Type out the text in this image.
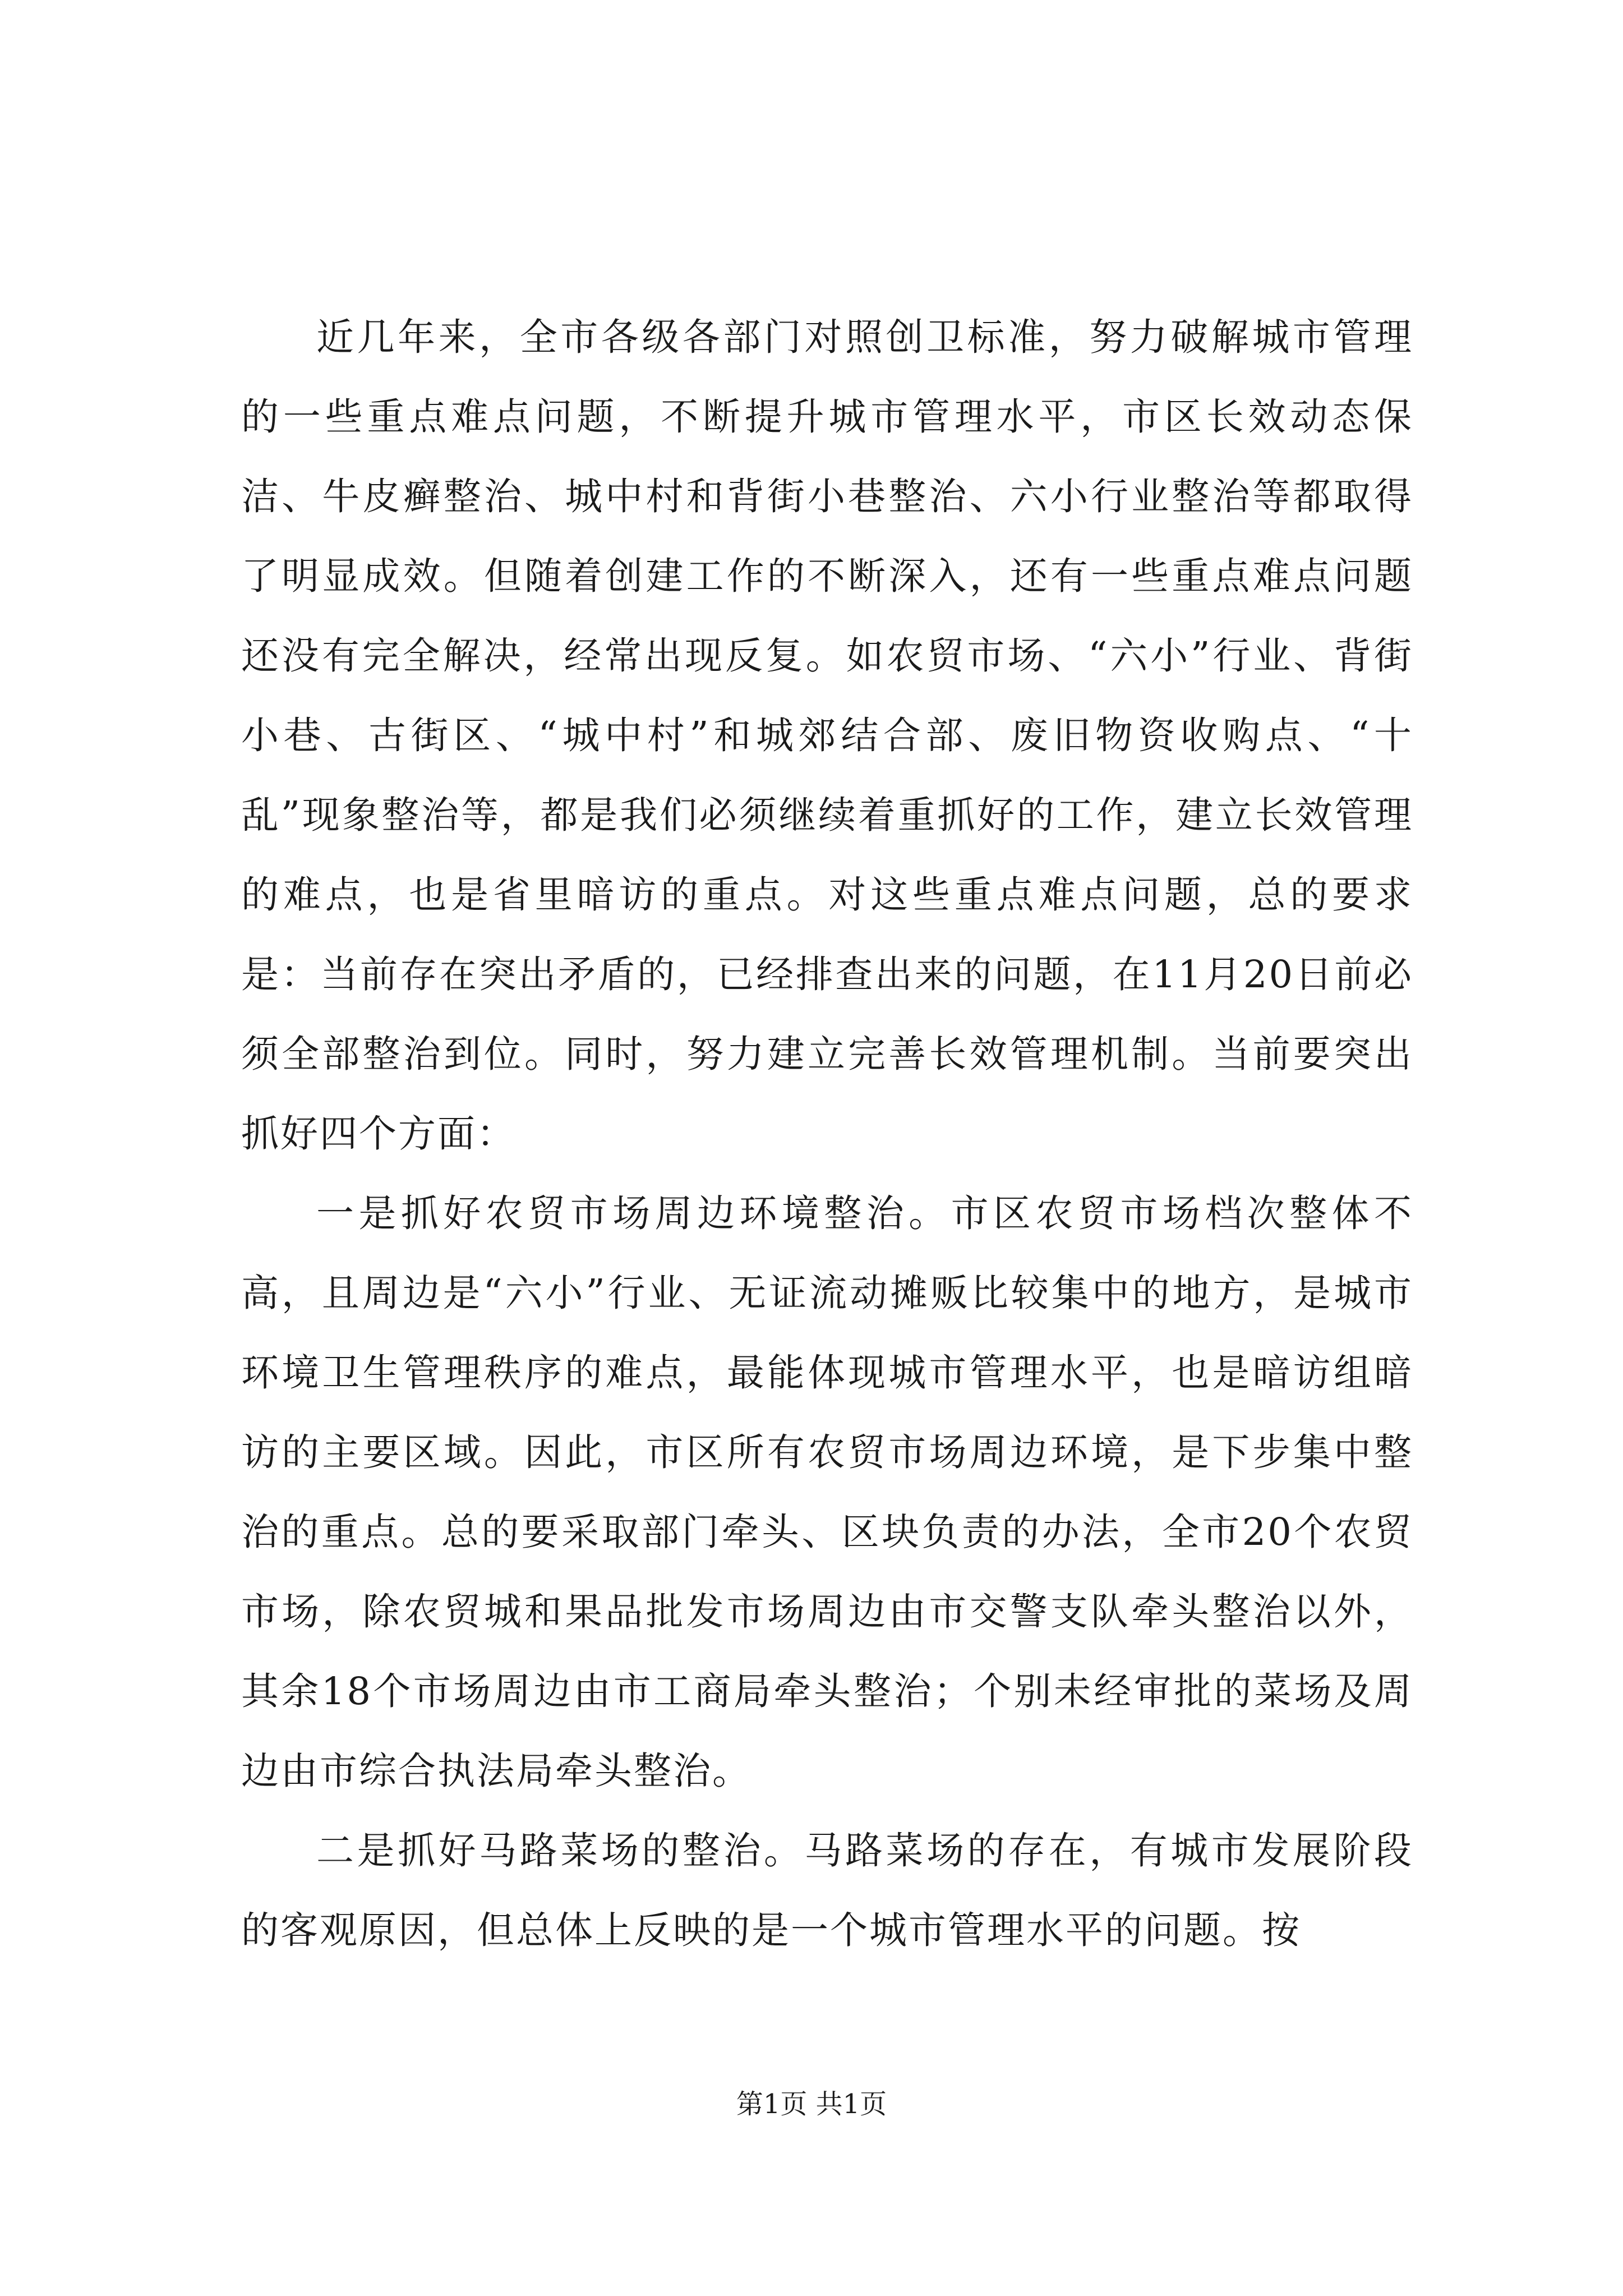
近几年来，全市各级各部门对照创卫标准，努力破解城市管理的一些重点难点问题，不断提升城市管理水平，市区长效动态保洁、牛皮癣整治、城中村和背街小巷整治、六小行业整治等都取得了明显成效。但随着创建工作的不断深入，还有一些重点难点问题还没有完全解决，经常出现反复。如农贸市场、“六小”行业、背街小巷、古街区、“城中村”和城郊结合部、废旧物资收购点、“十乱”现象整治等，都是我们必须继续着重抓好的工作，建立长效管理的难点，也是省里暗访的重点。对这些重点难点问题，总的要求是：当前存在突出矛盾的，已经排查出来的问题，在11月20日前必须全部整治到位。同时，努力建立完善长效管理机制。当前要突出抓好四个方面：

一是抓好农贸市场周边环境整治。市区农贸市场档次整体不高，且周边是“六小”行业、无证流动摊贩比较集中的地方，是城市环境卫生管理秩序的难点，最能体现城市管理水平，也是暗访组暗访的主要区域。因此，市区所有农贸市场周边环境，是下步集中整治的重点。总的要采取部门牵头、区块负责的办法，全市20个农贸市场，除农贸城和果品批发市场周边由市交警支队牵头整治以外，其余18个市场周边由市工商局牵头整治；个别未经审批的菜场及周边由市综合执法局牵头整治。

二是抓好马路菜场的整治。马路菜场的存在，有城市发展阶段的客观原因，但总体上反映的是一个城市管理水平的问题。按

第1页 共1页
